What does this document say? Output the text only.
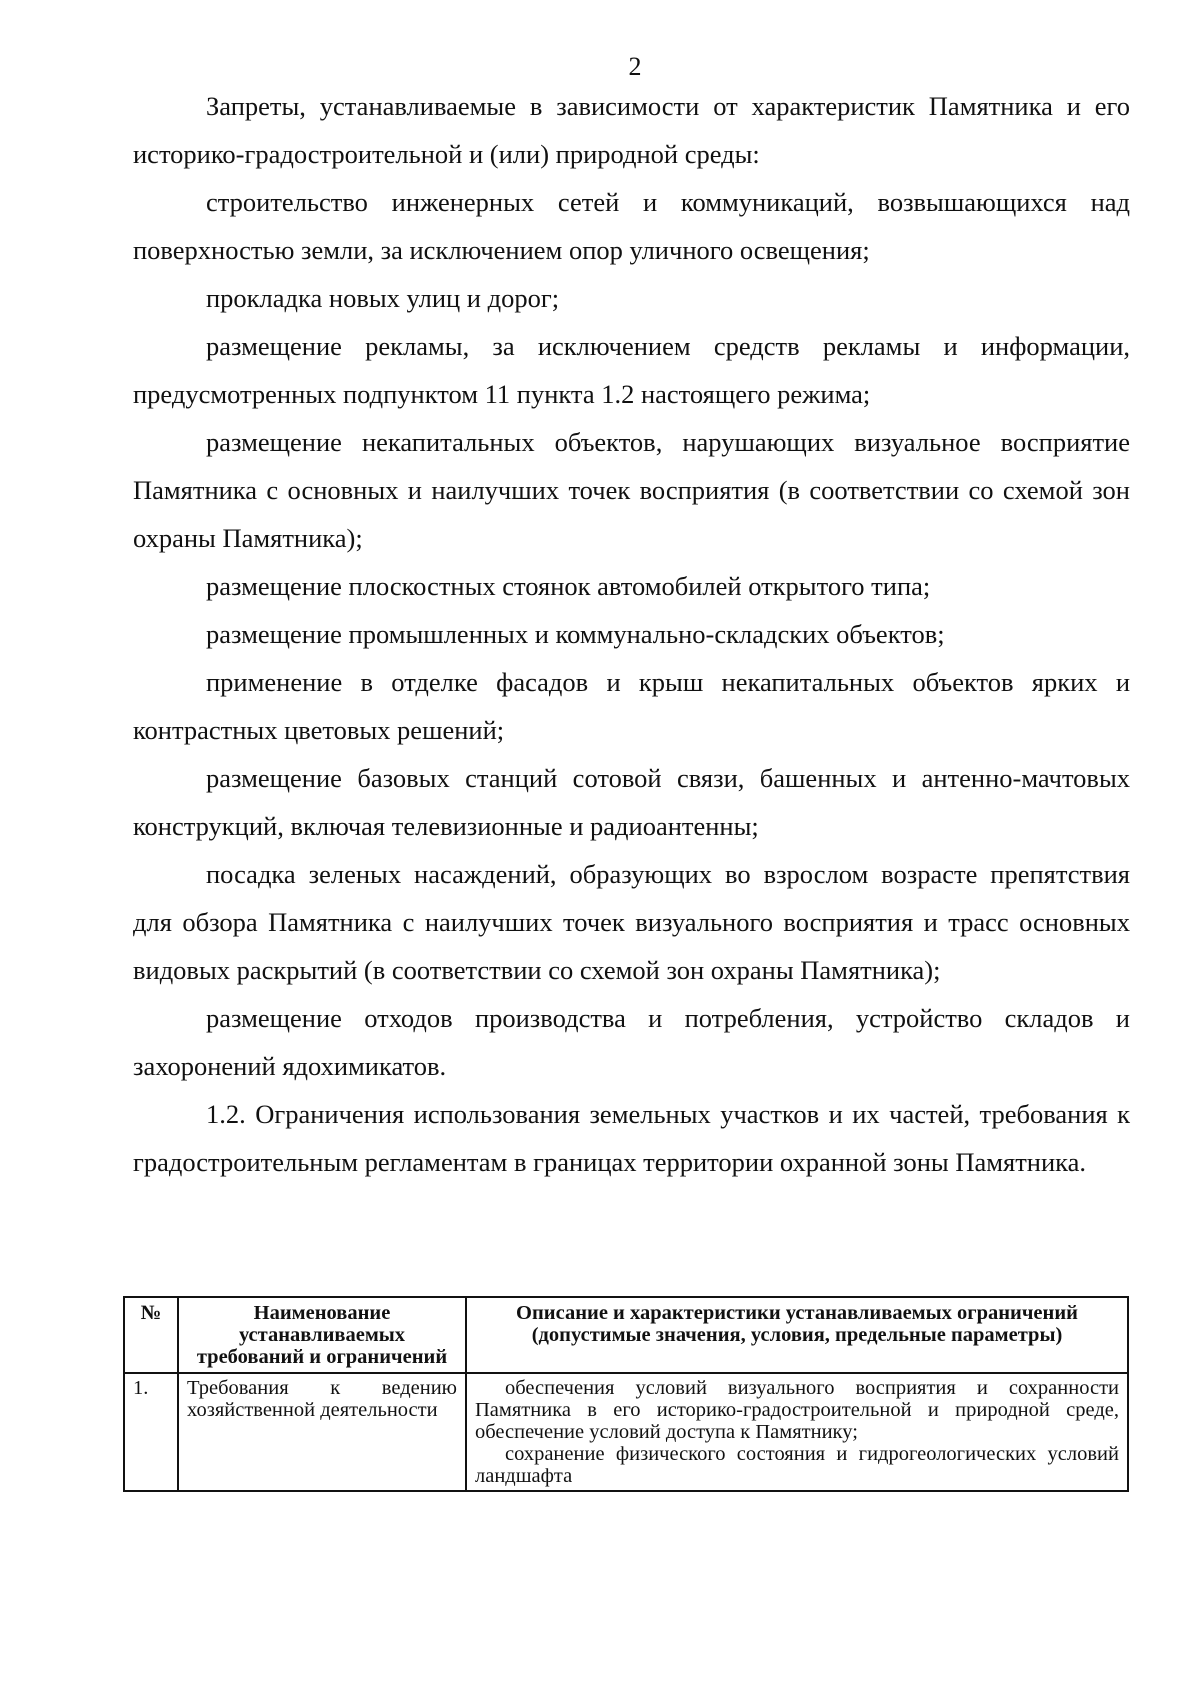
2

Запреты, устанавливаемые в зависимости от характеристик Памятника и его историко-градостроительной и (или) природной среды:

строительство инженерных сетей и коммуникаций, возвышающихся над поверхностью земли, за исключением опор уличного освещения;

прокладка новых улиц и дорог;

размещение рекламы, за исключением средств рекламы и информации, предусмотренных подпунктом 11 пункта 1.2 настоящего режима;

размещение некапитальных объектов, нарушающих визуальное восприятие Памятника с основных и наилучших точек восприятия (в соответствии со схемой зон охраны Памятника);

размещение плоскостных стоянок автомобилей открытого типа;

размещение промышленных и коммунально-складских объектов;

применение в отделке фасадов и крыш некапитальных объектов ярких и контрастных цветовых решений;

размещение базовых станций сотовой связи, башенных и антенно-мачтовых конструкций, включая телевизионные и радиоантенны;

посадка зеленых насаждений, образующих во взрослом возрасте препятствия для обзора Памятника с наилучших точек визуального восприятия и трасс основных видовых раскрытий (в соответствии со схемой зон охраны Памятника);

размещение отходов производства и потребления, устройство складов и захоронений ядохимикатов.

1.2. Ограничения использования земельных участков и их частей, требования к градостроительным регламентам в границах территории охранной зоны Памятника.

№	Наименование устанавливаемых требований и ограничений	Описание и характеристики устанавливаемых ограничений (допустимые значения, условия, предельные параметры)
1.	Требования к ведению хозяйственной деятельности	обеспечения условий визуального восприятия и сохранности Памятника в его историко-градостроительной и природной среде, обеспечение условий доступа к Памятнику;

сохранение физического состояния и гидрогеологических условий ландшафта
